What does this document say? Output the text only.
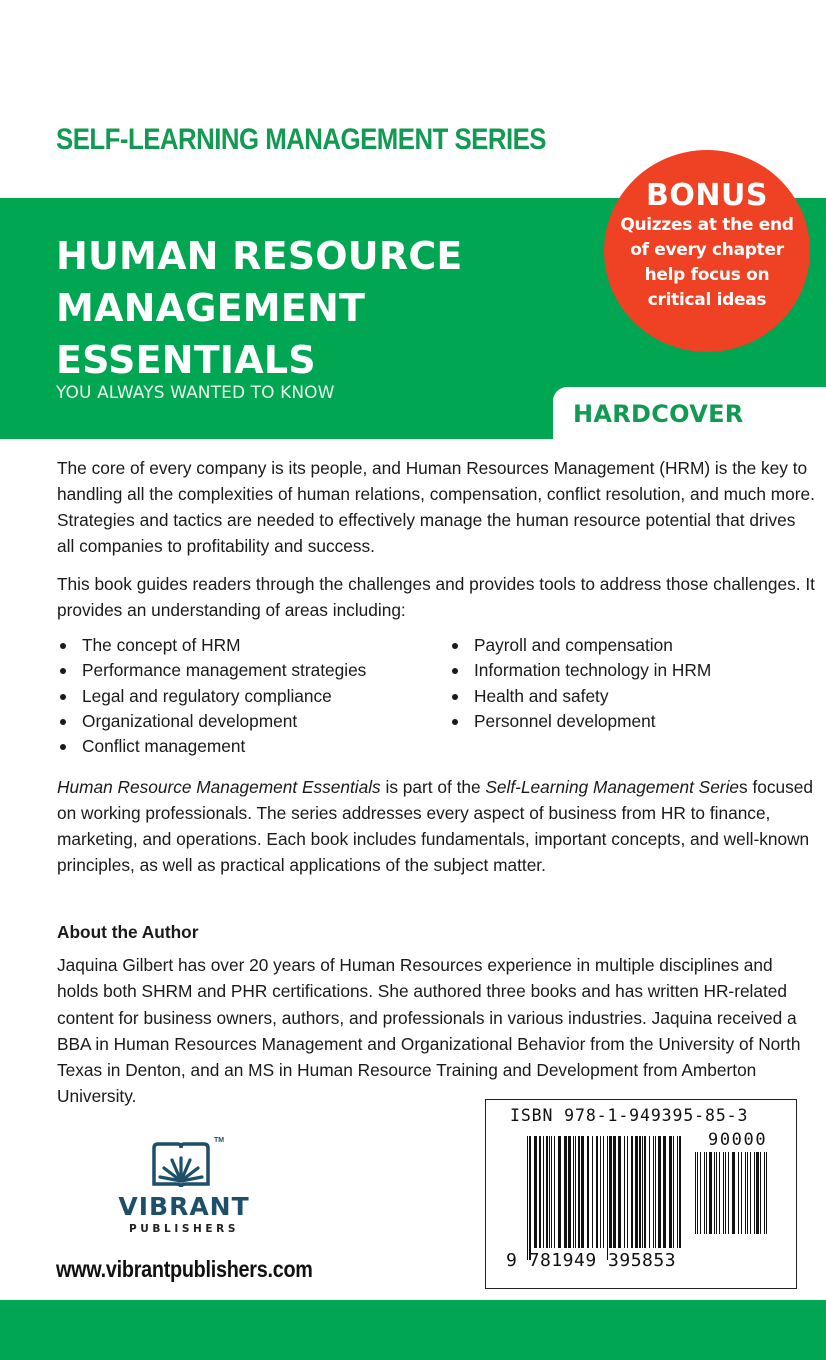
SELF-LEARNING MANAGEMENT SERIES
HUMAN RESOURCE
MANAGEMENT
ESSENTIALS
YOU ALWAYS WANTED TO KNOW
BONUS
Quizzes at the end
of every chapter
help focus on
critical ideas
HARDCOVER
The core of every company is its people, and Human Resources Management (HRM) is the key to handling all the complexities of human relations, compensation, conflict resolution, and much more. Strategies and tactics are needed to effectively manage the human resource potential that drives all companies to profitability and success.
This book guides readers through the challenges and provides tools to address those challenges. It provides an understanding of areas including:
The concept of HRM
Performance management strategies
Legal and regulatory compliance
Organizational development
Conflict management
Payroll and compensation
Information technology in HRM
Health and safety
Personnel development
Human Resource Management Essentials is part of the Self-Learning Management Series focused on working professionals. The series addresses every aspect of business from HR to finance, marketing, and operations. Each book includes fundamentals, important concepts, and well-known principles, as well as practical applications of the subject matter.
About the Author
Jaquina Gilbert has over 20 years of Human Resources experience in multiple disciplines and holds both SHRM and PHR certifications. She authored three books and has written HR-related content for business owners, authors, and professionals in various industries. Jaquina received a BBA in Human Resources Management and Organizational Behavior from the University of North Texas in Denton, and an MS in Human Resource Training and Development from Amberton University.
ISBN 978-1-949395-85-3
90000
9 781949 395853
TM
VIBRANT
PUBLISHERS
www.vibrantpublishers.com
